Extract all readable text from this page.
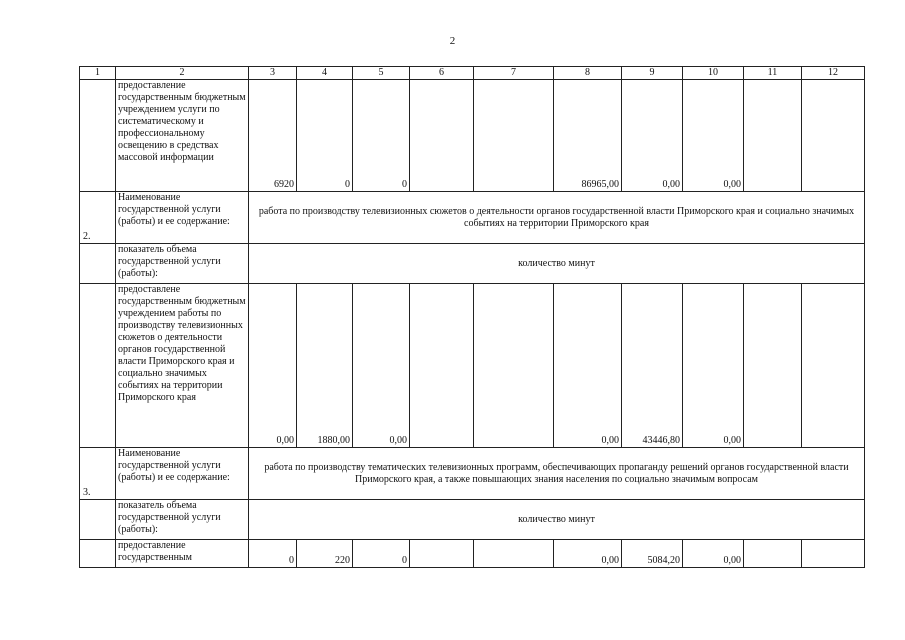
2
1	2	3	4	5	6	7	8	9	10	11	12
	предоставление государственным бюджетным учреждением услуги по систематическому и профессиональному освещению в средствах массовой информации	6920	0	0			86965,00	0,00	0,00		
2.	Наименование государственной услуги (работы) и ее содержание:	работа по производству телевизионных сюжетов о деятельности органов государственной власти Приморского края и социально значимых событиях на территории Приморского края									
	показатель объема государственной услуги (работы):	количество минут									
	предоставлене государственным бюджетным учреждением работы по производству телевизионных сюжетов о деятельности органов государственной власти Приморского края и социально значимых событиях на территории Приморского края	0,00	1880,00	0,00			0,00	43446,80	0,00		
3.	Наименование государственной услуги (работы) и ее содержание:	работа по производству тематических телевизионных программ, обеспечивающих пропаганду решений органов государственной власти Приморского края, а также повышающих знания населения по социально значимым вопросам									
	показатель объема государственной услуги (работы):	количество минут									
	предоставление государственным	0	220	0			0,00	5084,20	0,00		
